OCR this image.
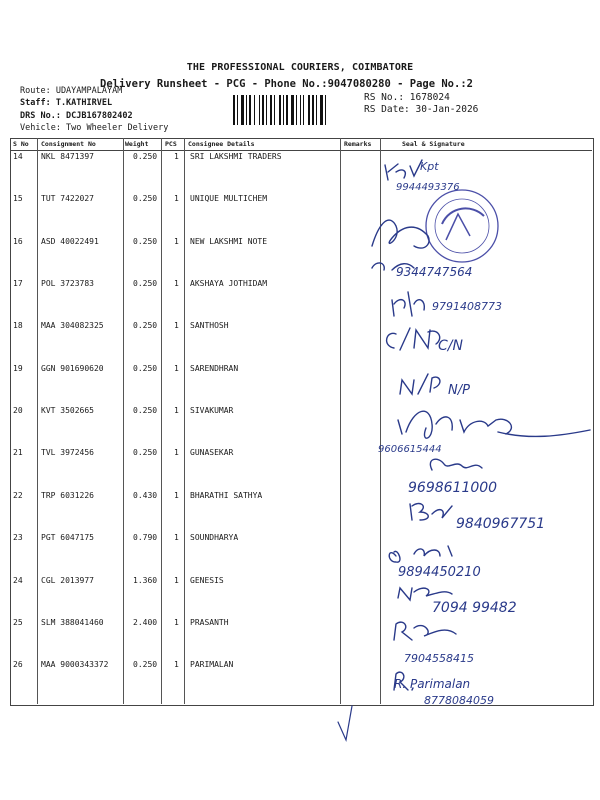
THE PROFESSIONAL COURIERS, COIMBATORE
Delivery Runsheet - PCG - Phone No.:9047080280 - Page No.:2
Route: UDAYAMPALAYAM
Staff: T.KATHIRVEL
DRS No.: DCJB167802402
Vehicle: Two Wheeler Delivery
RS No.: 1678024
RS Date: 30-Jan-2026
S No Consignment No	Weight	PCS Consignee Details	Remarks	Seal & Signature
14 NKL 8471397	0.250 1 SRI LAKSHMI TRADERS
15 TUT 7422027	0.250 1 UNIQUE MULTICHEM
16 ASD 40022491	0.250 1 NEW LAKSHMI NOTE
17 POL 3723783	0.250 1 AKSHAYA JOTHIDAM
18 MAA 304082325	0.250 1 SANTHOSH
19 GGN 901690620	0.250 1 SARENDHRAN
20 KVT 3502665	0.250 1 SIVAKUMAR
21 TVL 3972456	0.250 1 GUNASEKAR
22 TRP 6031226	0.430 1 BHARATHI SATHYA
23 PGT 6047175	0.790 1 SOUNDHARYA
24 CGL 2013977	1.360 1 GENESIS
25 SLM 388041460	2.400 1 PRASANTH
26 MAA 9000343372	0.250 1 PARIMALAN
Kpt
9944493376
9344747564
9791408773
C/N
N/P
9606615444
9698611000
9840967751
9894450210
7094 99482
7904558415
R. Parimalan
8778084059
